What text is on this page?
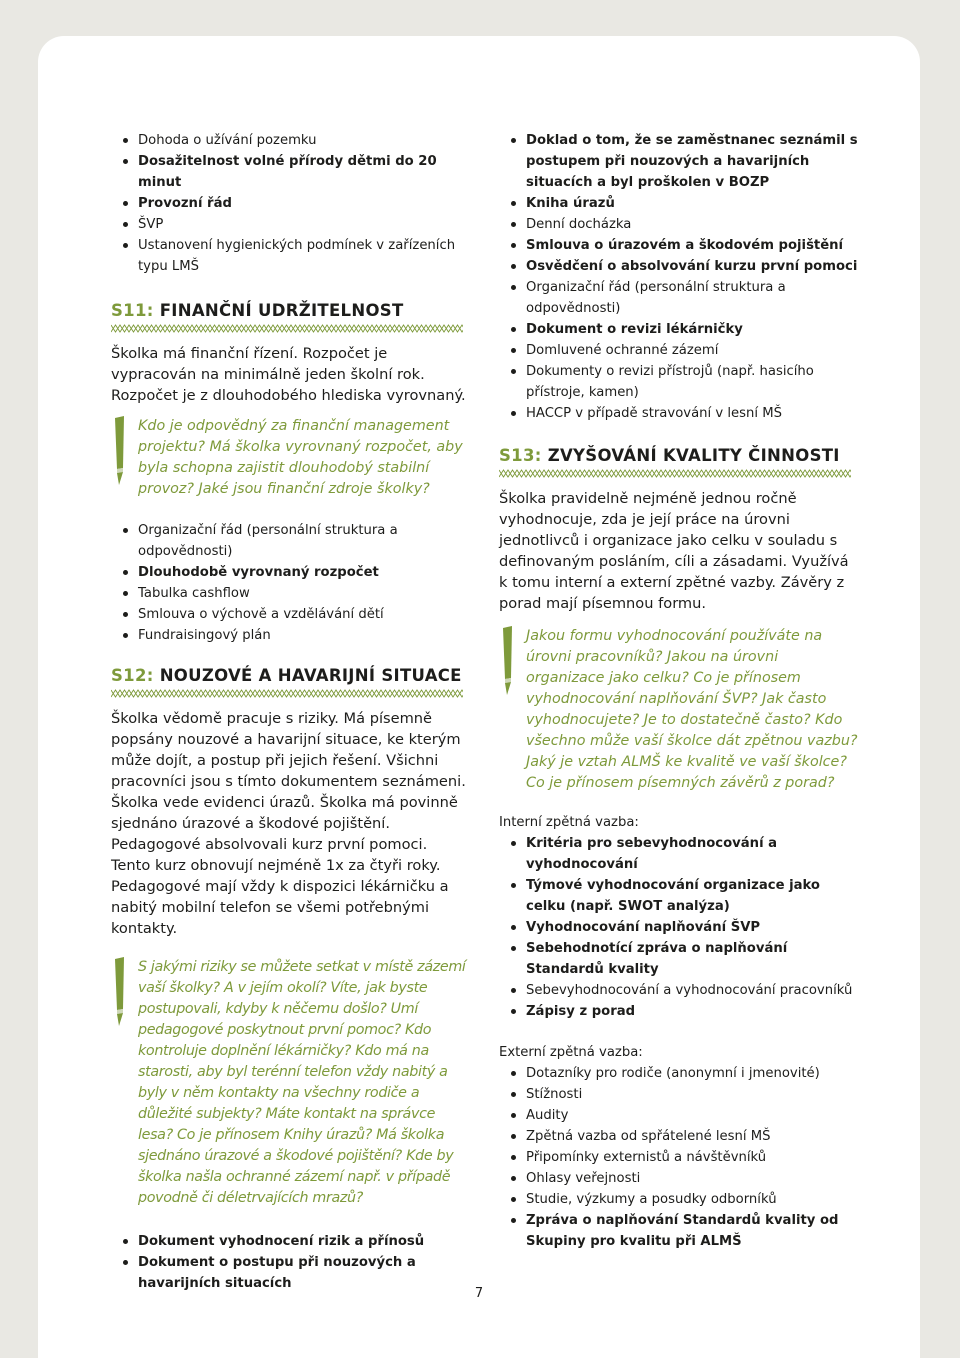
Dohoda o užívání pozemku
Dosažitelnost volné přírody dětmi do 20 minut
Provozní řád
ŠVP
Ustanovení hygienických podmínek v zařízeních typu LMŠ
S11: FINANČNÍ UDRŽITELNOST

Školka má finanční řízení. Rozpočet je vypracován na minimálně jeden školní rok. Rozpočet je z dlouhodobého hlediska vyrovnaný.

Kdo je odpovědný za finanční management projektu? Má školka vyrovnaný rozpočet, aby byla schopna zajistit dlouhodobý stabilní provoz? Jaké jsou finanční zdroje školky?

Organizační řád (personální struktura a odpovědnosti)
Dlouhodobě vyrovnaný rozpočet
Tabulka cashflow
Smlouva o výchově a vzdělávání dětí
Fundraisingový plán
S12: NOUZOVÉ A HAVARIJNÍ SITUACE

Školka vědomě pracuje s riziky. Má písemně popsány nouzové a havarijní situace, ke kterým může dojít, a postup při jejich řešení. Všichni pracovníci jsou s tímto dokumentem seznámeni. Školka vede evidenci úrazů. Školka má povinně sjednáno úrazové a škodové pojištění. Pedagogové absolvovali kurz první pomoci. Tento kurz obnovují nejméně 1x za čtyři roky. Pedagogové mají vždy k dispozici lékárničku a nabitý mobilní telefon se všemi potřebnými kontakty.

S jakými riziky se můžete setkat v místě zázemí vaší školky? A v jejím okolí? Víte, jak byste postupovali, kdyby k něčemu došlo? Umí pedagogové poskytnout první pomoc? Kdo kontroluje doplnění lékárničky? Kdo má na starosti, aby byl terénní telefon vždy nabitý a byly v něm kontakty na všechny rodiče a důležité subjekty? Máte kontakt na správce lesa? Co je přínosem Knihy úrazů? Má školka sjednáno úrazové a škodové pojištění? Kde by školka našla ochranné zázemí např. v případě povodně či déletrvajících mrazů?

Dokument vyhodnocení rizik a přínosů
Dokument o postupu při nouzových a havarijních situacích
Doklad o tom, že se zaměstnanec seznámil s postupem při nouzových a havarijních situacích a byl proškolen v BOZP
Kniha úrazů
Denní docházka
Smlouva o úrazovém a škodovém pojištění
Osvědčení o absolvování kurzu první pomoci
Organizační řád (personální struktura a odpovědnosti)
Dokument o revizi lékárničky
Domluvené ochranné zázemí
Dokumenty o revizi přístrojů (např. hasicího přístroje, kamen)
HACCP v případě stravování v lesní MŠ
S13: ZVYŠOVÁNÍ KVALITY ČINNOSTI

Školka pravidelně nejméně jednou ročně vyhodnocuje, zda je její práce na úrovni jednotlivců i organizace jako celku v souladu s definovaným posláním, cíli a zásadami. Využívá k tomu interní a externí zpětné vazby. Závěry z porad mají písemnou formu.

Jakou formu vyhodnocování používáte na úrovni pracovníků? Jakou na úrovni organizace jako celku? Co je přínosem vyhodnocování naplňování ŠVP? Jak často vyhodnocujete? Je to dostatečně často? Kdo všechno může vaší školce dát zpětnou vazbu? Jaký je vztah ALMŠ ke kvalitě ve vaší školce? Co je přínosem písemných závěrů z porad?

Interní zpětná vazba:

Kritéria pro sebevyhodnocování a vyhodnocování
Týmové vyhodnocování organizace jako celku (např. SWOT analýza)
Vyhodnocování naplňování ŠVP
Sebehodnotící zpráva o naplňování Standardů kvality
Sebevyhodnocování a vyhodnocování pracovníků
Zápisy z porad

Externí zpětná vazba:

Dotazníky pro rodiče (anonymní i jmenovité)
Stížnosti
Audity
Zpětná vazba od spřátelené lesní MŠ
Připomínky externistů a návštěvníků
Ohlasy veřejnosti
Studie, výzkumy a posudky odborníků
Zpráva o naplňování Standardů kvality od Skupiny pro kvalitu při ALMŠ
7
